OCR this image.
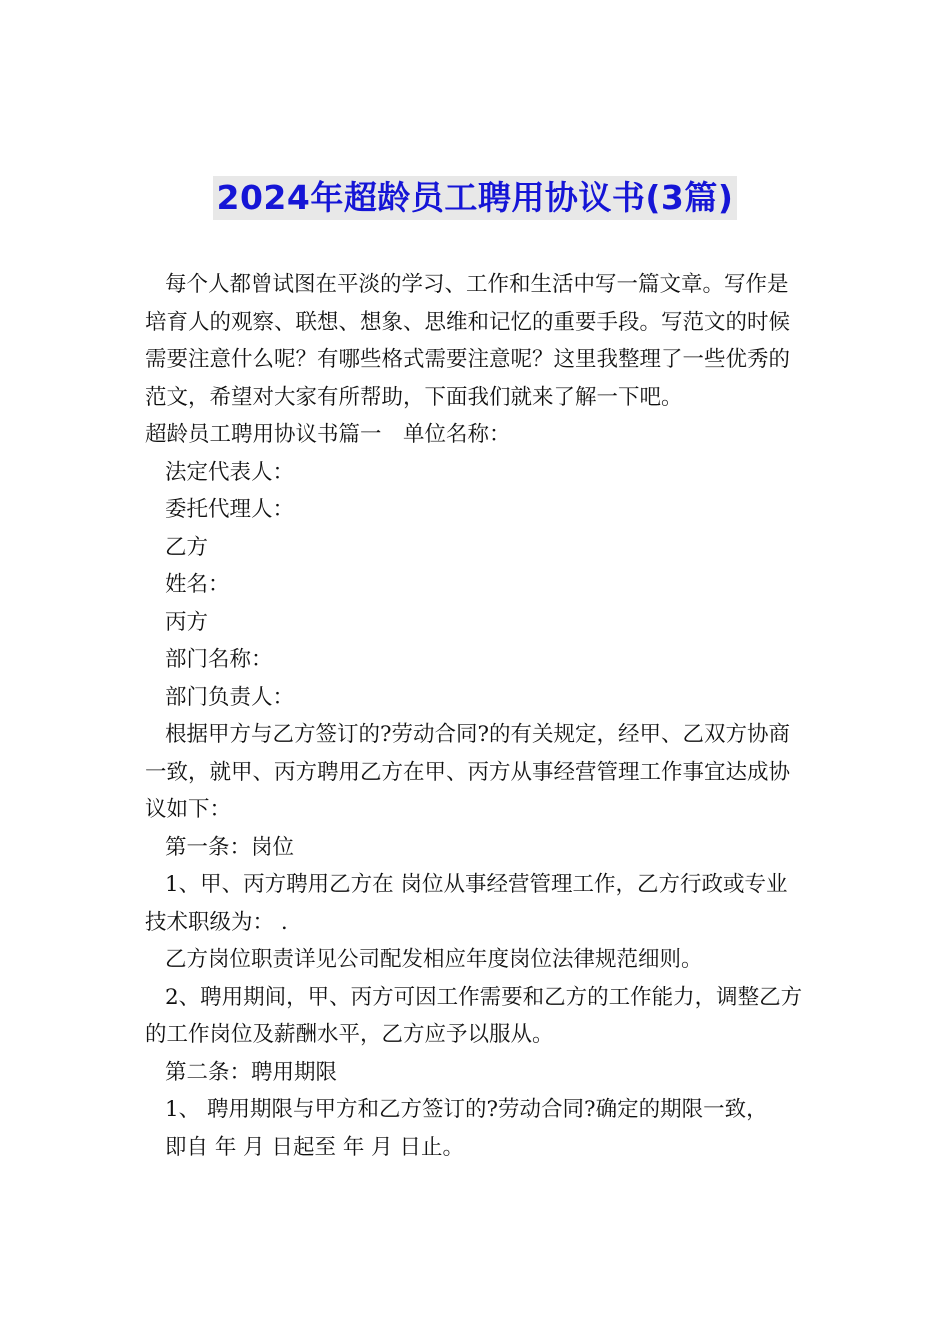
2024年超龄员工聘用协议书(3篇)

每个人都曾试图在平淡的学习、工作和生活中写一篇文章。写作是培育人的观察、联想、想象、思维和记忆的重要手段。写范文的时候需要注意什么呢？有哪些格式需要注意呢？这里我整理了一些优秀的范文，希望对大家有所帮助，下面我们就来了解一下吧。

超龄员工聘用协议书篇一　单位名称：

法定代表人：

委托代理人：

乙方

姓名：

丙方

部门名称：

部门负责人：

根据甲方与乙方签订的?劳动合同?的有关规定，经甲、乙双方协商一致，就甲、丙方聘用乙方在甲、丙方从事经营管理工作事宜达成协议如下：

第一条：岗位

1、甲、丙方聘用乙方在 岗位从事经营管理工作，乙方行政或专业技术职级为： .

乙方岗位职责详见公司配发相应年度岗位法律规范细则。

2、聘用期间，甲、丙方可因工作需要和乙方的工作能力，调整乙方的工作岗位及薪酬水平，乙方应予以服从。

第二条：聘用期限

1、 聘用期限与甲方和乙方签订的?劳动合同?确定的期限一致，

即自 年 月 日起至 年 月 日止。
